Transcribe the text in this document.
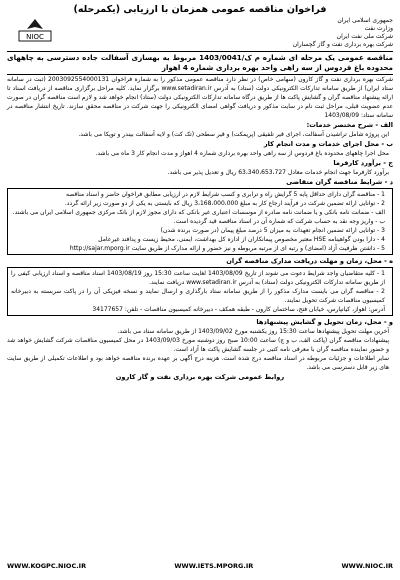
فراخوان مناقصه عمومی همزمان با ارزیابی (یکمرحله)
جمهوری اسلامی ایران
وزارت نفت
شرکت ملی نفت ایران
شرکت بهره برداری نفت و گاز گچساران
NIOC
مناقصه عمومی یک مرحله ای شماره م ک/1403/0041 مربوط به بهسازی آسفالت جاده دسترسی به چاههای محدوده باغ فردوس از سه راهی واحد بهره برداری شماره 4 اهواز
شرکت بهره برداری نفت و گاز کارون (سهامی خاص) در نظر دارد مناقصه عمومی مذکور را به شماره فراخوان 2003092554000131 (ثبت در سامانه ستاد ایران) از طریق سامانه تدارکات الکترونیکی دولت (ستاد) به آدرس www.setadiran.ir برگزار نماید. کلیه مراحل برگزاری مناقصه از دریافت اسناد تا ارائه پیشنهاد مناقصه گران و گشایش پاکت ها از طریق درگاه سامانه تدارکات الکترونیکی دولت (ستاد) انجام خواهد شد و لازم است مناقصه گران در صورت عدم عضویت قبلی، مراحل ثبت نام در سایت مذکور و دریافت گواهی امضای الکترونیکی را جهت شرکت در مناقصه محقق سازند. تاریخ انتشار مناقصه در سامانه ستاد: 1403/08/09
الف - شرح مختصر خدمات:
این پروژه شامل تراشیدن آسفالت، اجرای قیر تلفیقی (پریمکت) و قیر سطحی (تک کت) و لایه آسفالت بیندر و توپکا می باشد.
ب - محل اجرای خدمات و مدت انجام کار
محل اجرا چاههای محدوده باغ فردوس از سه راهی واحد بهره برداری شماره 4 اهواز و مدت انجام کار 3 ماه می باشد.
ج - برآورد کارفرما
برآورد کارفرما جهت انجام خدمات معادل 63،340،653،727 ریال و تعدیل پذیر می باشد.
د - شرایط مناقصه گران متقاضی
1 - مناقصه گران دارای حداقل پایه 5 گرایش راه و ترابری و کسب شرایط لازم در ارزیابی مطابق فراخوان حاضر و اسناد مناقصه
2 - توانایی ارائه تضمین شرکت در فرآیند ارجاع کار به مبلغ 3،168،000،000 ریال که بایستی به یکی از دو صورت زیر ارائه گردد.
الف - ضمانت نامه بانکی و یا ضمانت نامه صادره از موسسات اعتباری غیر بانکی که دارای مجوز لازم از بانک مرکزی جمهوری اسلامی ایران می باشند.
ب - واریز وجه نقد به حساب شرکت که شماره آن در اسناد مناقصه قید گردیده است.
3 - توانایی ارائه تضمین انجام تعهدات به میزان 5 درصد مبلغ پیمان (در صورت برنده شدن)
4 - دارا بودن گواهینامه HSE معتبر مخصوص پیمانکاران از اداره کل بهداشت، ایمنی، محیط زیست و پدافند غیرعامل
5 - داشتن ظرفیت آزاد (امضای) و رتبه ای از مرتبه مربوطه و نیز حضور و ارائه مدارک از طریق سایت http://sajar.mporg.ir
ه - محل، زمان و مهلت دریافت مدارک مناقصه گران
1 - کلیه متقاضیان واجد شرایط دعوت می شوند از تاریخ 1403/08/09 لغایت ساعت 15:30 روز 1403/08/19 اسناد مناقصه و اسناد ارزیابی کیفی را از طریق سامانه تدارکات الکترونیکی دولت (ستاد) به آدرس www.setadiran.ir دریافت نمایند.
2 - مناقصه گران می بایست مدارک مذکور را از طریق سامانه ستاد بارگذاری و ارسال نمایند و نسخه فیزیکی آن را در پاکت سربسته به دبیرخانه کمیسیون مناقصات شرکت تحویل نمایند.
آدرس: اهواز، کیانپارس، خیابان فتح، ساختمان کارون - طبقه همکف - دبیرخانه کمیسیون مناقصات - تلفن: 34177657
و - محل، زمان تحویل و گشایش پیشنهادها
آخرین مهلت تحویل پیشنهادها ساعت 15:30 روز یکشنبه مورخ 1403/09/02 از طریق سامانه ستاد می باشد.
پیشنهادات مناقصه گران (پاکت الف، ب و ج) ساعت 10:00 صبح روز دوشنبه مورخ 1403/09/03 در محل کمیسیون مناقصات شرکت گشایش خواهد شد و حضور نماینده مناقصه گران با معرفی نامه کتبی در جلسه گشایش پاکت ها آزاد است.
سایر اطلاعات و جزئیات مربوطه در اسناد مناقصه درج شده است. هزینه درج آگهی بر عهده برنده مناقصه خواهد بود و اطلاعات تکمیلی از طریق سایت های زیر قابل دسترسی می باشد.
روابط عمومی شرکت بهره برداری نفت و گاز کارون
WWW.KOGPC.NIOC.IR	WWW.IETS.MPORG.IR	WWW.NIOC.IR
